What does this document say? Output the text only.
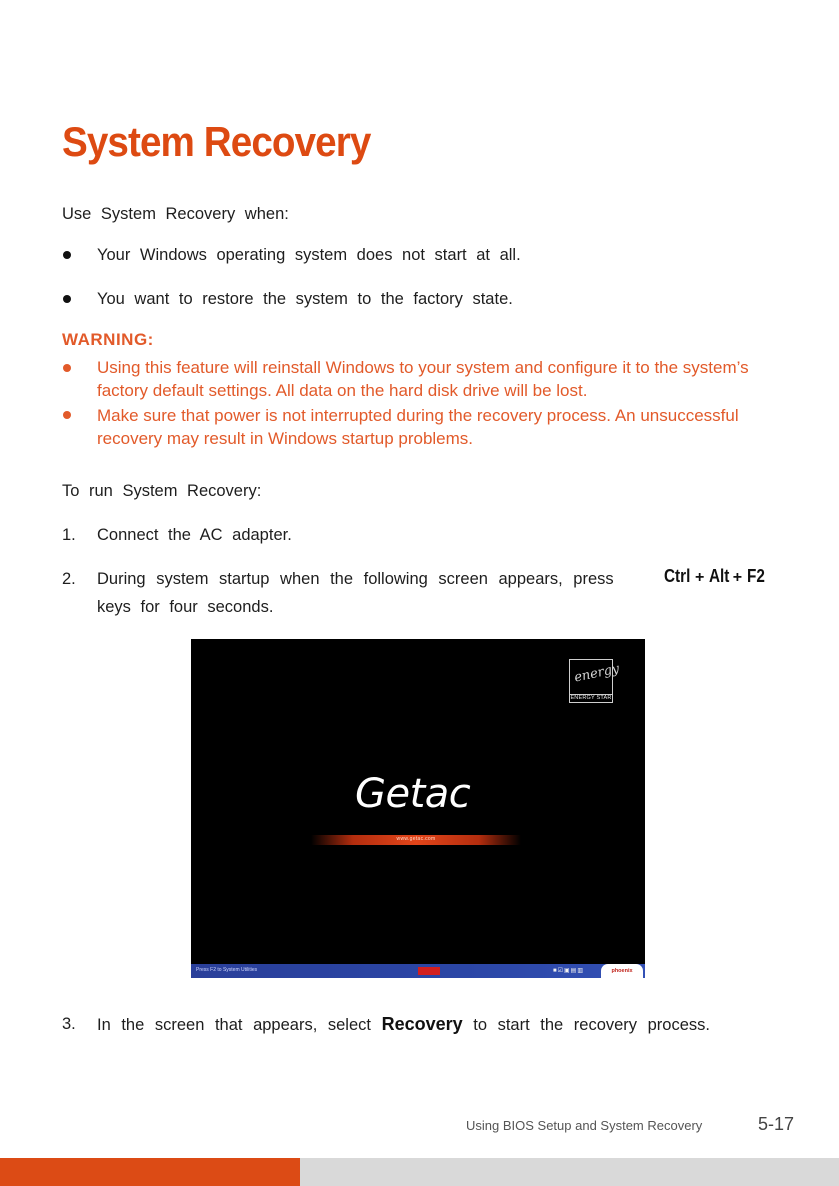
System Recovery
Use System Recovery when:
Your Windows operating system does not start at all.
You want to restore the system to the factory state.
WARNING:
Using this feature will reinstall Windows to your system and configure it to the system’s factory default settings. All data on the hard disk drive will be lost.
Make sure that power is not interrupted during the recovery process. An unsuccessful recovery may result in Windows startup problems.
To run System Recovery:
1. Connect the AC adapter.
2. During system startup when the following screen appears, press	Ctrl + Alt + F2
keys for four seconds.
energy
ENERGY STAR
Getac
www.getac.com
Press F2 to System Utilities	■☑▣▤▥	phoenix
3. In the screen that appears, select Recovery to start the recovery process.
Using BIOS Setup and System Recovery	5-17
